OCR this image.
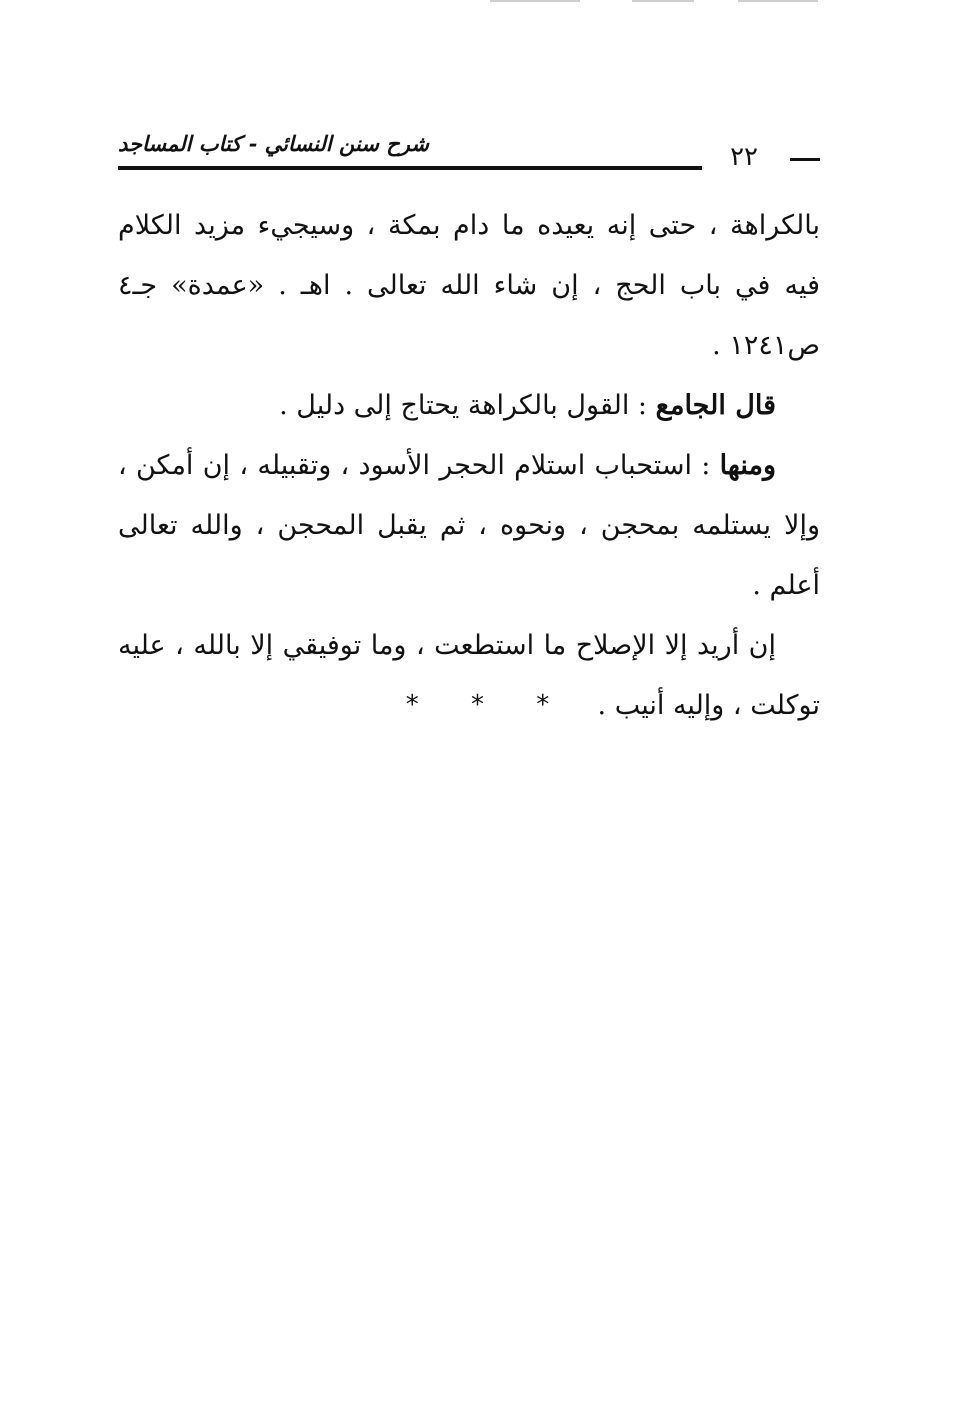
٢٢
شرح سنن النسائي - كتاب المساجد

بالكراهة ، حتى إنه يعيده ما دام بمكة ، وسيجيء مزيد الكلام فيه في باب الحج ، إن شاء الله تعالى . اهـ . «عمدة» جـ٤ ص١٢٤١ .

قال الجامع : القول بالكراهة يحتاج إلى دليل .

ومنها : استحباب استلام الحجر الأسود ، وتقبيله ، إن أمكن ، وإلا يستلمه بمحجن ، ونحوه ، ثم يقبل المحجن ، والله تعالى أعلم .

إن أريد إلا الإصلاح ما استطعت ، وما توفيقي إلا بالله ، عليه توكلت ، وإليه أنيب .

* * *
